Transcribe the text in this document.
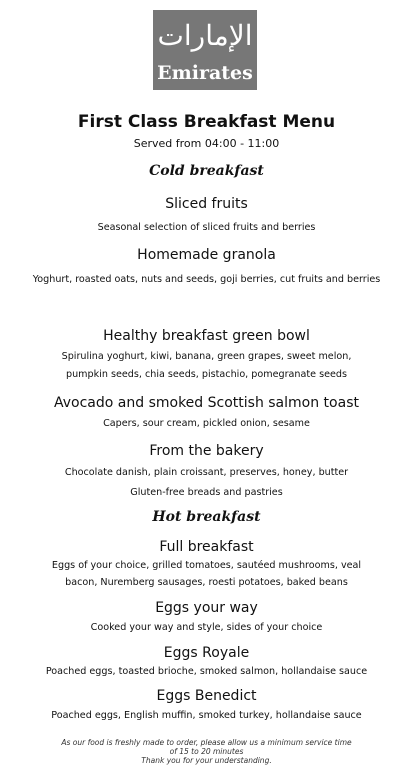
الإمارات
Emirates
First Class Breakfast Menu
Served from 04:00 - 11:00
Cold breakfast
Sliced fruits
Seasonal selection of sliced fruits and berries
Homemade granola
Yoghurt, roasted oats, nuts and seeds, goji berries, cut fruits and berries
Healthy breakfast green bowl
Spirulina yoghurt, kiwi, banana, green grapes, sweet melon,
pumpkin seeds, chia seeds, pistachio, pomegranate seeds
Avocado and smoked Scottish salmon toast
Capers, sour cream, pickled onion, sesame
From the bakery
Chocolate danish, plain croissant, preserves, honey, butter
Gluten-free breads and pastries
Hot breakfast
Full breakfast
Eggs of your choice, grilled tomatoes, sautéed mushrooms, veal
bacon, Nuremberg sausages, roesti potatoes, baked beans
Eggs your way
Cooked your way and style, sides of your choice
Eggs Royale
Poached eggs, toasted brioche, smoked salmon, hollandaise sauce
Eggs Benedict
Poached eggs, English muffin, smoked turkey, hollandaise sauce
As our food is freshly made to order, please allow us a minimum service time
of 15 to 20 minutes
Thank you for your understanding.
